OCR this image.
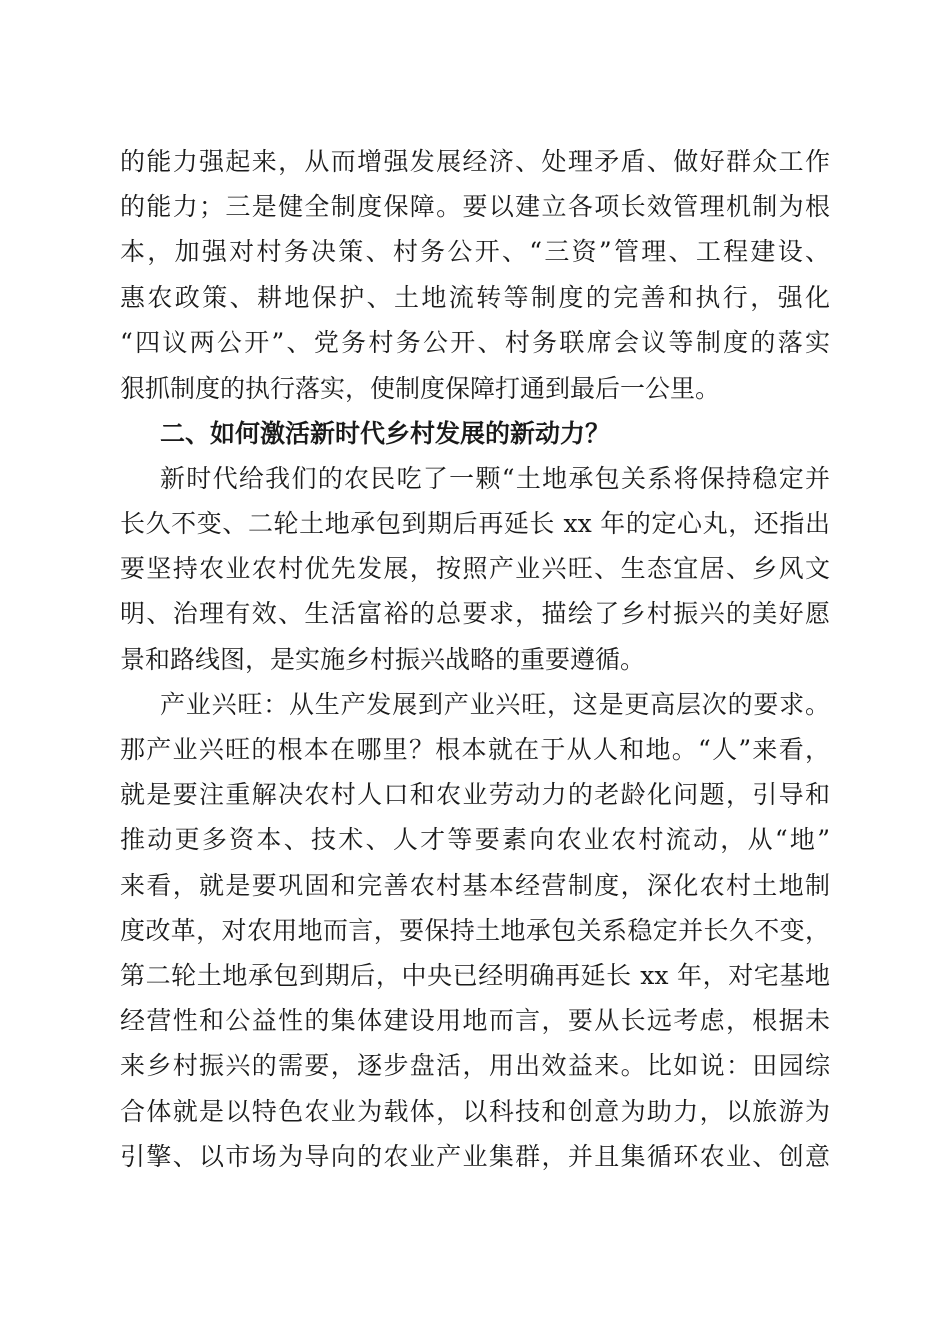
的能力强起来，从而增强发展经济、处理矛盾、做好群众工作
的能力；三是健全制度保障。要以建立各项长效管理机制为根
本，加强对村务决策、村务公开、“三资”管理、工程建设、
惠农政策、耕地保护、土地流转等制度的完善和执行，强化
“四议两公开”、党务村务公开、村务联席会议等制度的落实
狠抓制度的执行落实，使制度保障打通到最后一公里。
二、如何激活新时代乡村发展的新动力？
新时代给我们的农民吃了一颗“土地承包关系将保持稳定并
长久不变、二轮土地承包到期后再延长 xx 年的定心丸，还指出
要坚持农业农村优先发展，按照产业兴旺、生态宜居、乡风文
明、治理有效、生活富裕的总要求，描绘了乡村振兴的美好愿
景和路线图，是实施乡村振兴战略的重要遵循。
产业兴旺：从生产发展到产业兴旺，这是更高层次的要求。
那产业兴旺的根本在哪里？根本就在于从人和地。“人”来看，
就是要注重解决农村人口和农业劳动力的老龄化问题，引导和
推动更多资本、技术、人才等要素向农业农村流动，从“地”
来看，就是要巩固和完善农村基本经营制度，深化农村土地制
度改革，对农用地而言，要保持土地承包关系稳定并长久不变，
第二轮土地承包到期后，中央已经明确再延长 xx 年，对宅基地
经营性和公益性的集体建设用地而言，要从长远考虑，根据未
来乡村振兴的需要，逐步盘活，用出效益来。比如说：田园综
合体就是以特色农业为载体，以科技和创意为助力，以旅游为
引擎、以市场为导向的农业产业集群，并且集循环农业、创意
